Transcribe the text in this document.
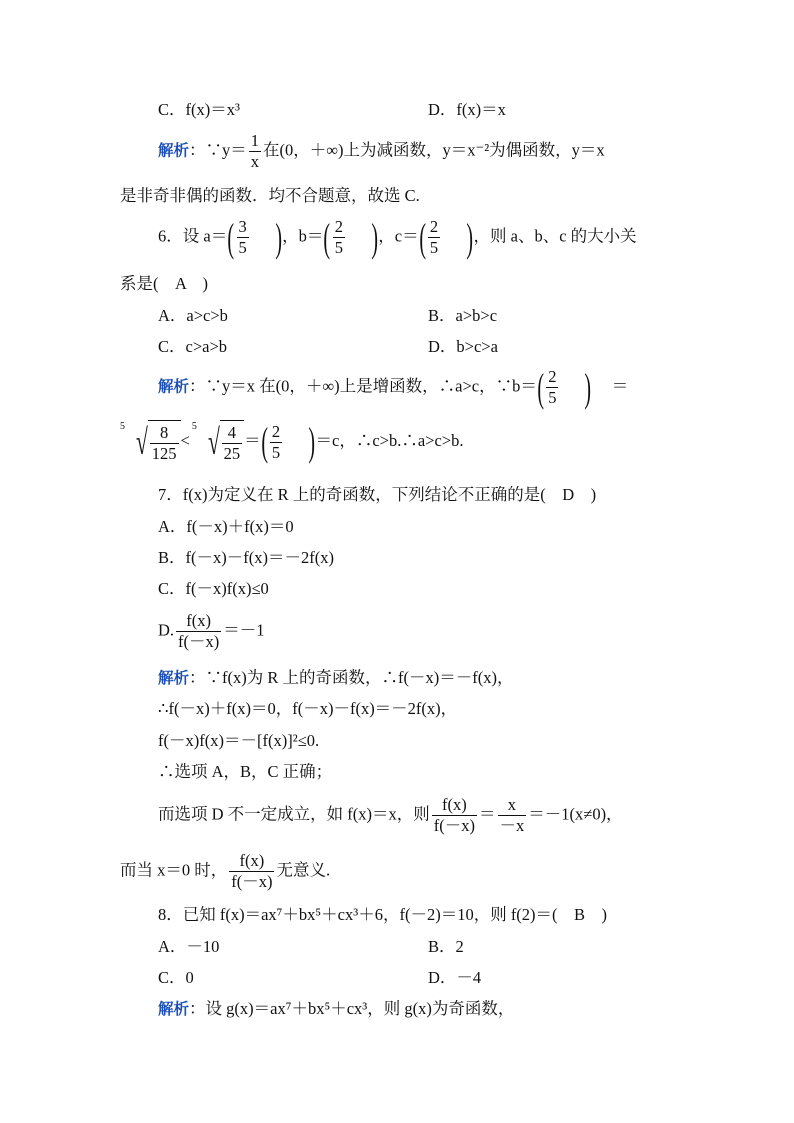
C．f(x)＝x³	D．f(x)＝x
解析：∵y＝ $\frac{1}{x}$ 在(0，＋∞)上为减函数，y＝x⁻²为偶函数，y＝x
是非奇非偶的函数．均不合题意，故选 C.
6．设 $a=( \frac{3}{5}$ )，$b=( \frac{2}{5}$ )，$c=( \frac{2}{5}$ )，则 a、b、c 的大小关
系是(　A　)
A．a>c>b	B．a>b>c
C．c>a>b	D．b>c>a
解析：∵y＝x 在(0，＋∞)上是增函数，∴a>c，∵b＝( $\frac{2}{5}$ ) ＝
5 √ $\frac{8}{125}$ <
5 √ $\frac{4}{25}$ ＝( $\frac{2}{5} )=c$，∴c>b.∴a>c>b.
7．f(x)为定义在 R 上的奇函数，下列结论不正确的是(　D　)
A．f(－x)＋f(x)＝0
B．f(－x)－f(x)＝－2f(x)
C．f(－x)f(x)≤0
D. $\frac{f(x)}{f(-x)} =-1$
解析：∵f(x)为 R 上的奇函数，∴f(－x)＝－f(x)，
∴f(－x)＋f(x)＝0，f(－x)－f(x)＝－2f(x)，
f(－x)f(x)＝－[f(x)]²≤0.
∴选项 A，B，C 正确；
而选项 D 不一定成立，如 f(x)＝x，则 $\frac{f(x)}{f(-x)} = \frac{x}{-x} =-1(x\ne 0)$，
而当 x＝0 时， $\frac{f(x)}{f(-x)}$ 无意义.
8．已知 f(x)＝ax⁷＋bx⁵＋cx³＋6，f(－2)＝10，则 f(2)＝(　B　)
A．－10	B．2
C．0	D．－4
解析：设 g(x)＝ax⁷＋bx⁵＋cx³，则 g(x)为奇函数，
